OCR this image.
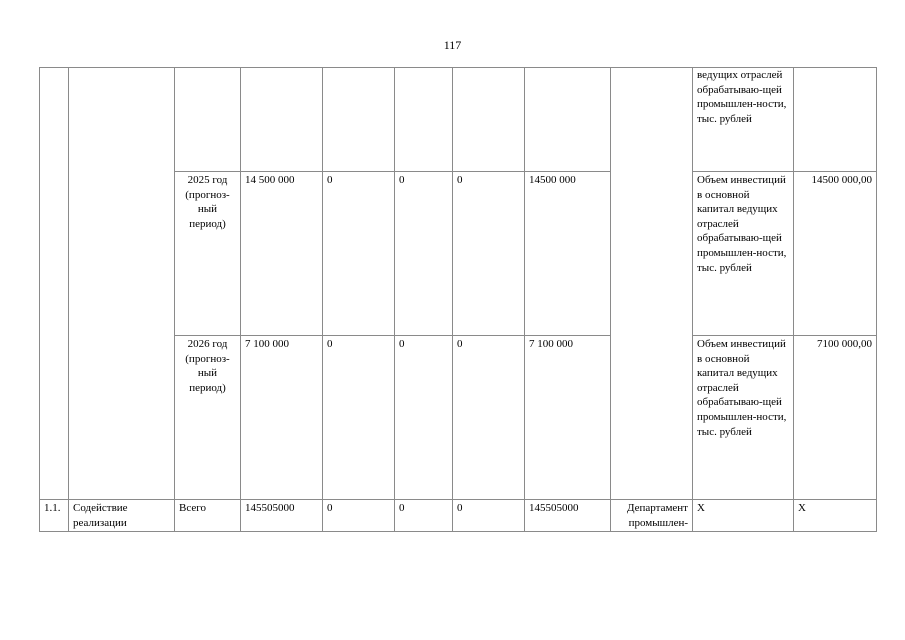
117
									ведущих отраслей обрабатываю-щей промышлен-ности, тыс. рублей	
		2025 год (прогноз-ный период)	14 500 000	0	0	0	14500 000		Объем инвестиций в основной капитал ведущих отраслей обрабатываю-щей промышлен-ности, тыс. рублей	14500 000,00
		2026 год (прогноз-ный период)	7 100 000	0	0	0	7 100 000		Объем инвестиций в основной капитал ведущих отраслей обрабатываю-щей промышлен-ности, тыс. рублей	7100 000,00
1.1.	Содействие реализации	Всего	145505000	0	0	0	145505000	Департамент промышлен-	X	X
